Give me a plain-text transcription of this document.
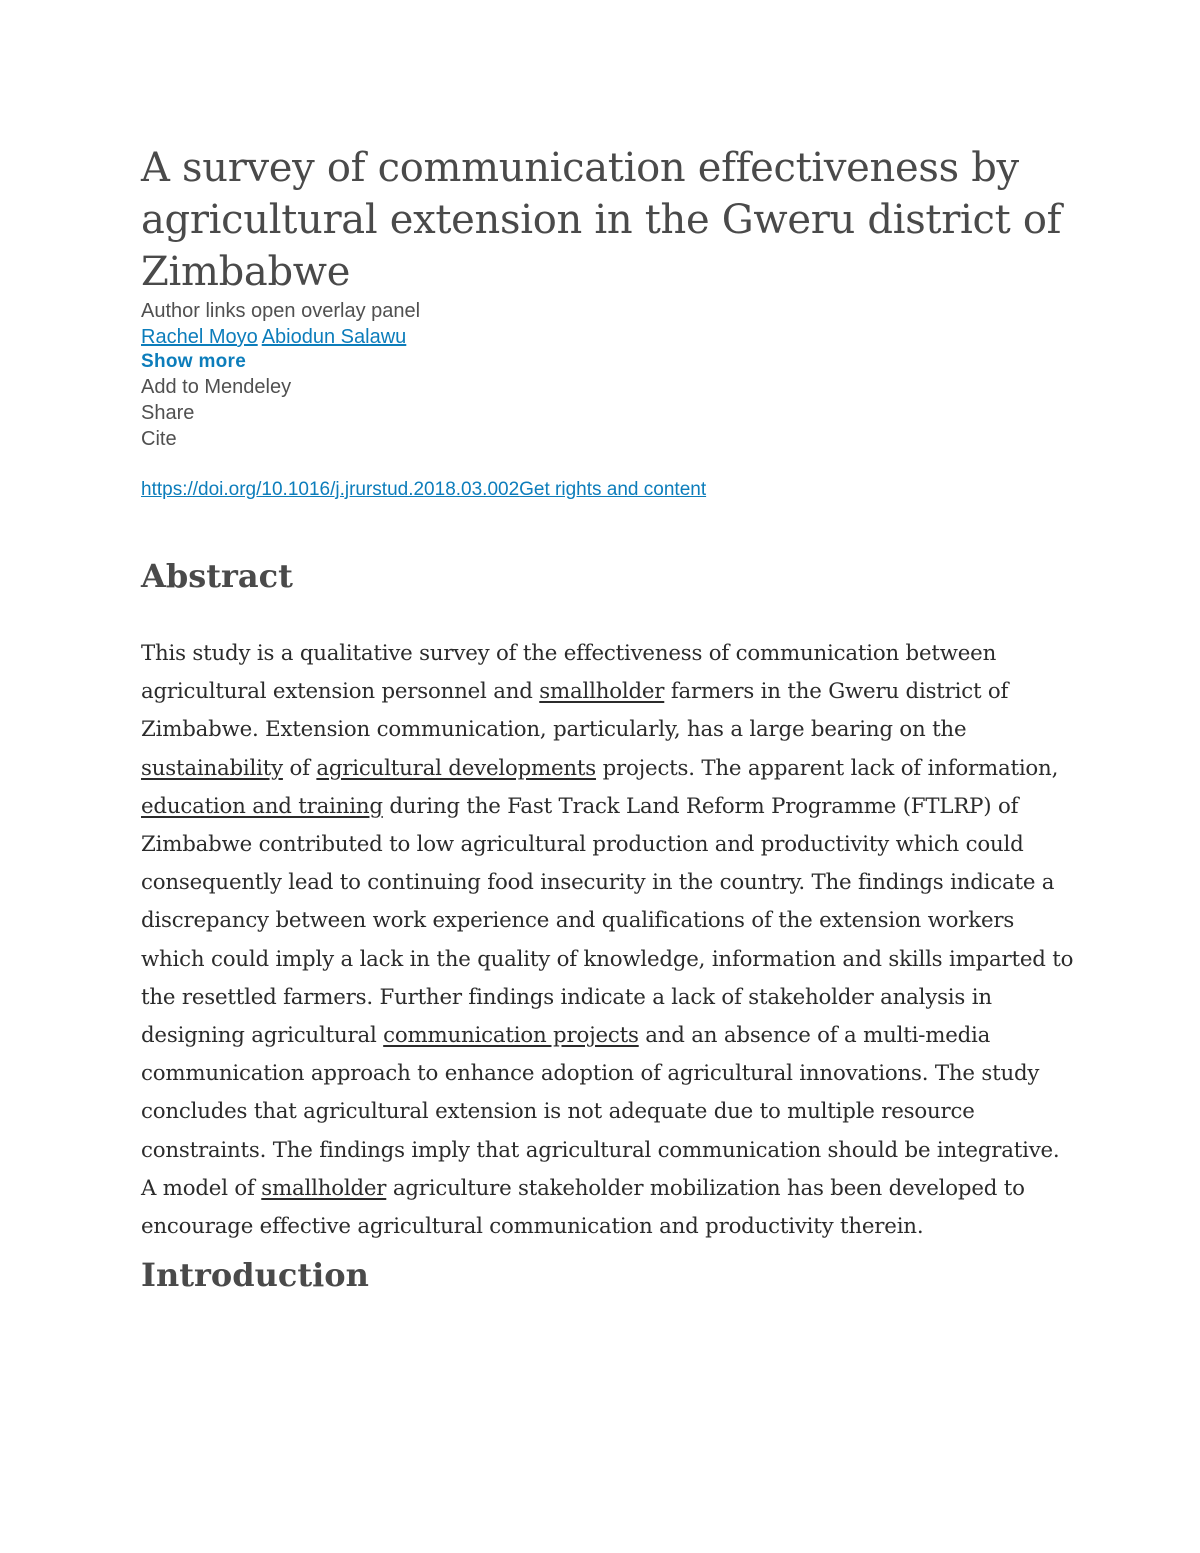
A survey of communication effectiveness by agricultural extension in the Gweru district of Zimbabwe
Author links open overlay panel
Rachel Moyo Abiodun Salawu
Show more
Add to Mendeley
Share
Cite
https://doi.org/10.1016/j.jrurstud.2018.03.002Get rights and content
Abstract

This study is a qualitative survey of the effectiveness of communication between agricultural extension personnel and smallholder farmers in the Gweru district of Zimbabwe. Extension communication, particularly, has a large bearing on the sustainability of agricultural developments projects. The apparent lack of information, education and training during the Fast Track Land Reform Programme (FTLRP) of Zimbabwe contributed to low agricultural production and productivity which could consequently lead to continuing food insecurity in the country. The findings indicate a discrepancy between work experience and qualifications of the extension workers which could imply a lack in the quality of knowledge, information and skills imparted to the resettled farmers. Further findings indicate a lack of stakeholder analysis in designing agricultural communication projects and an absence of a multi-media communication approach to enhance adoption of agricultural innovations. The study concludes that agricultural extension is not adequate due to multiple resource constraints. The findings imply that agricultural communication should be integrative. A model of smallholder agriculture stakeholder mobilization has been developed to encourage effective agricultural communication and productivity therein.

Introduction
